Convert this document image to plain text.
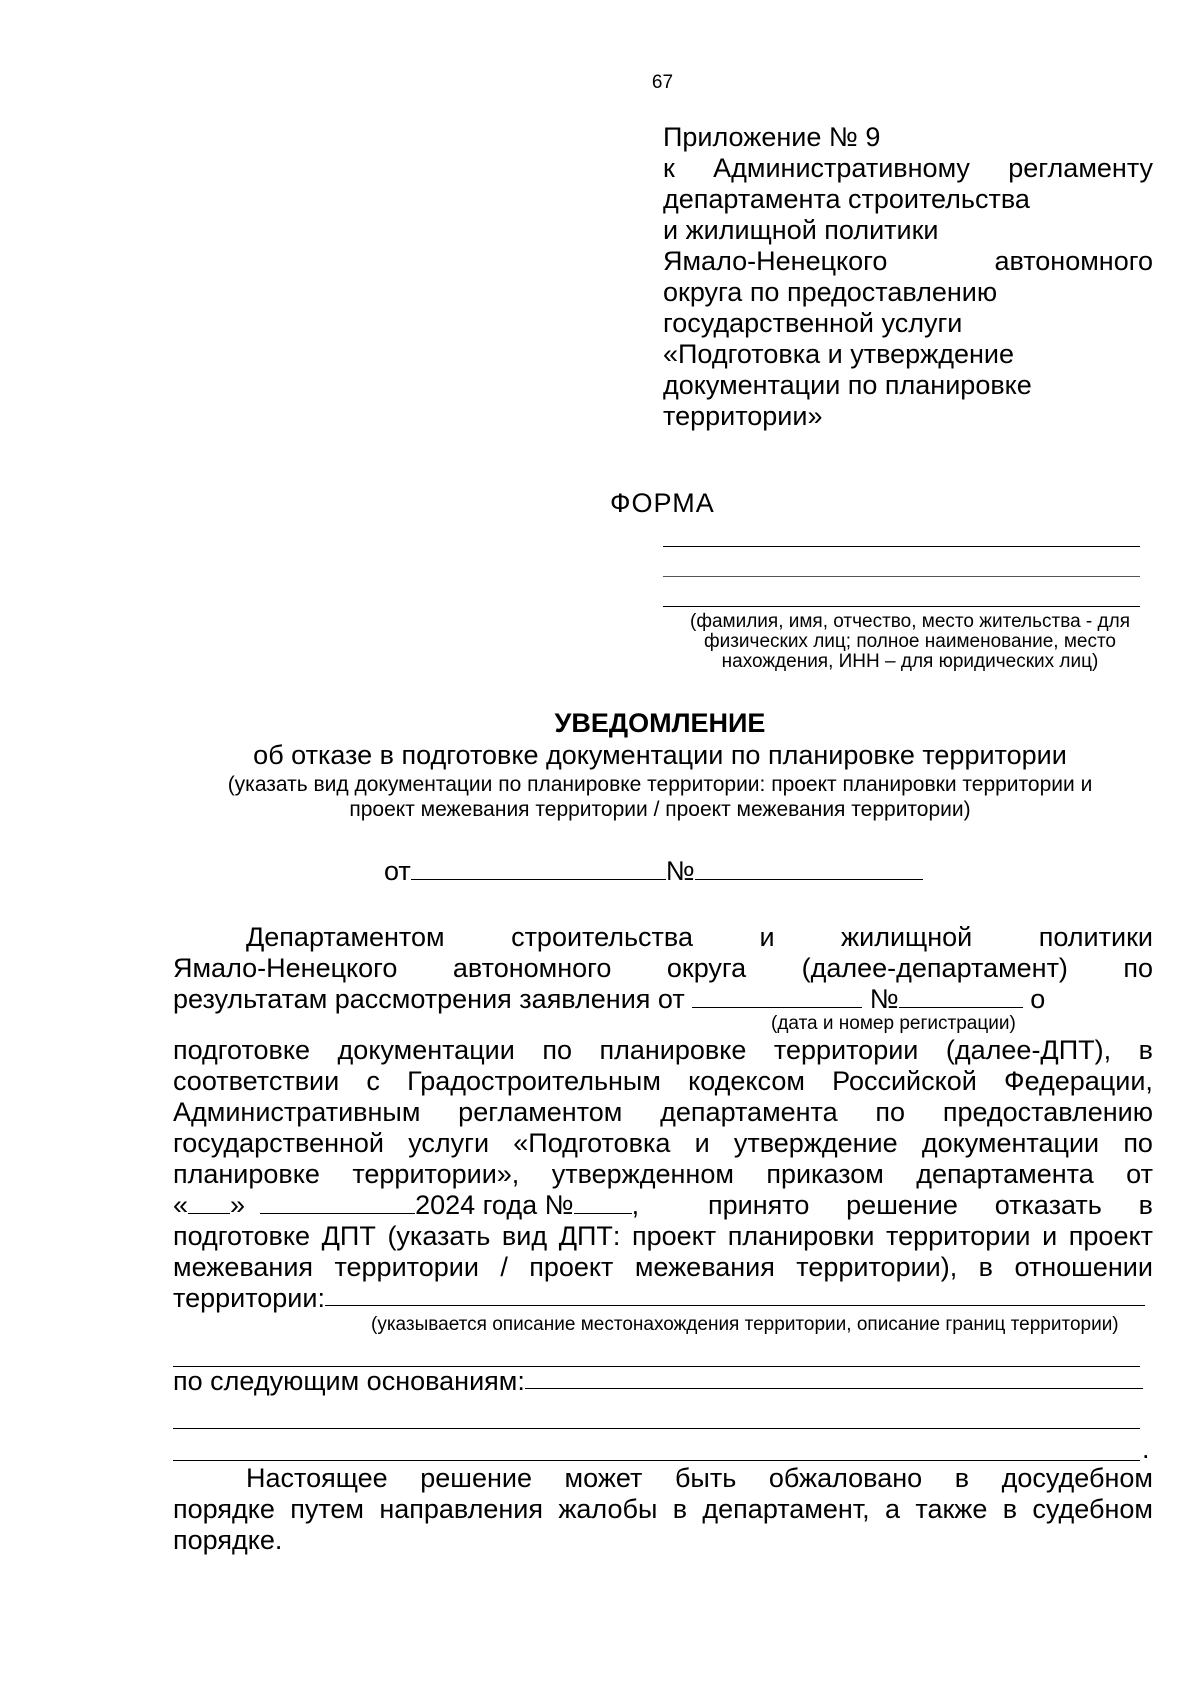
67
Приложение № 9
к Административному регламенту
департамента строительства
и жилищной политики
Ямало-Ненецкого	автономного
округа по предоставлению
государственной услуги
«Подготовка и утверждение
документации по планировке
территории»
ФОРМА
(фамилия, имя, отчество, место жительства - для
физических лиц; полное наименование, место
нахождения, ИНН – для юридических лиц)
УВЕДОМЛЕНИЕ
об отказе в подготовке документации по планировке территории
(указать вид документации по планировке территории: проект планировки территории и
проект межевания территории / проект межевания территории)
от	№
Департаментом строительства и жилищной политики
Ямало-Ненецкого автономного округа (далее-департамент) по
результатам рассмотрения заявления от	№	о
(дата и номер регистрации)
подготовке документации по планировке территории (далее-ДПТ), в
соответствии с Градостроительным кодексом Российской Федерации,
Административным регламентом департамента по предоставлению
государственной услуги «Подготовка и утверждение документации по
планировке территории», утвержденном приказом департамента от
« »	2024 года № ,	принято решение отказать в
подготовке ДПТ (указать вид ДПТ: проект планировки территории и проект
межевания территории / проект межевания территории), в отношении
территории:
(указывается описание местонахождения территории, описание границ территории)
по следующим основаниям:
.
Настоящее решение может быть обжаловано в досудебном
порядке путем направления жалобы в департамент, а также в судебном
порядке.
